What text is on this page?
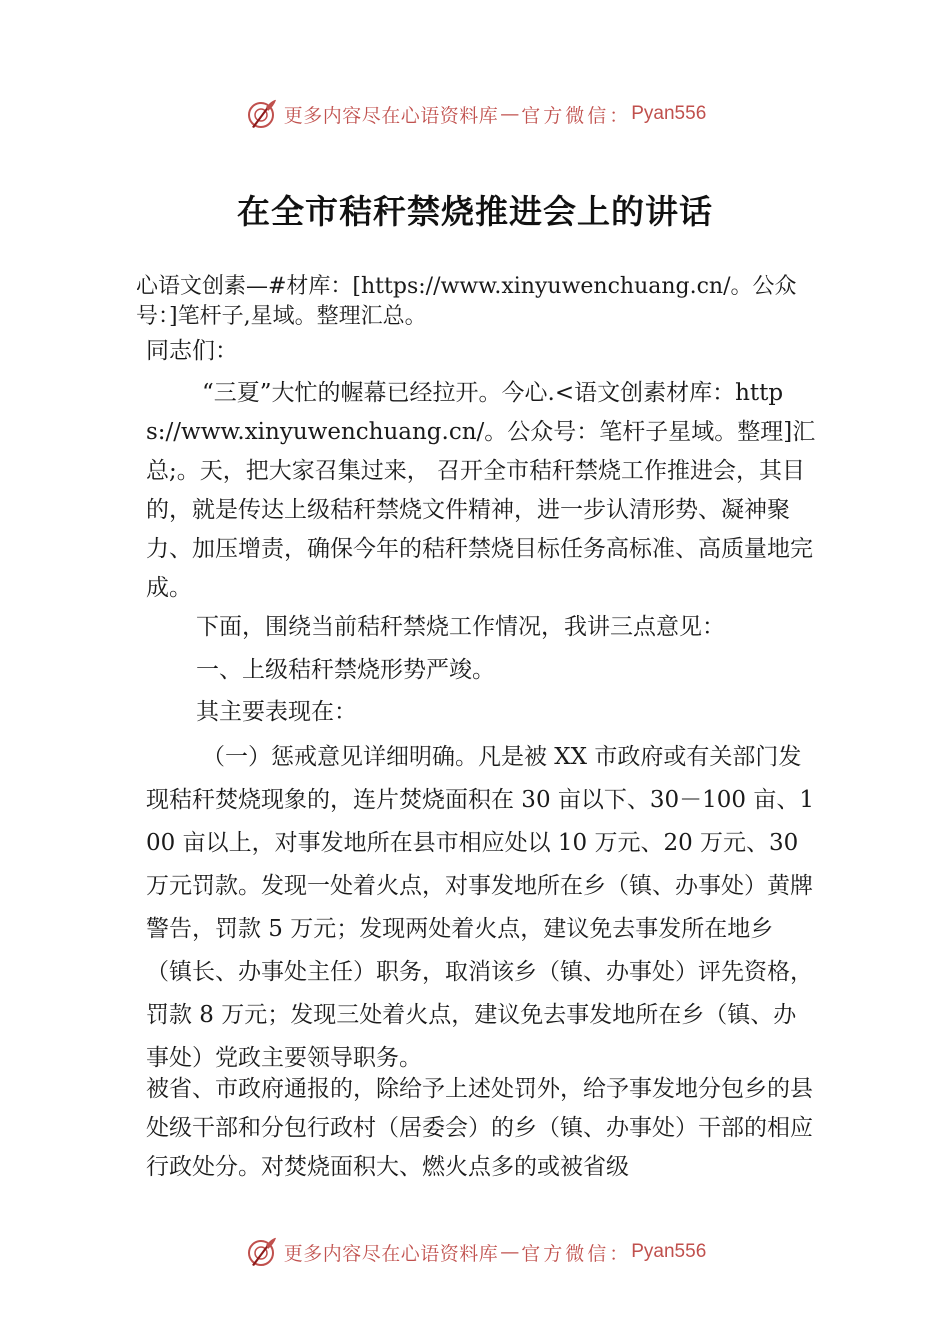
更多内容尽在心语资料库 — 官方微信： Pyan556
在全市秸秆禁烧推进会上的讲话
心语文创素—#材库：[https://www.xinyuwenchuang.cn/。公众号：]笔杆子,星域。整理汇总。

同志们：

“三夏”大忙的幄幕已经拉开。今心.<语文创素材库：https://www.xinyuwenchuang.cn/。公众号：笔杆子星域。整理]汇总;。天，把大家召集过来， 召开全市秸秆禁烧工作推进会，其目的，就是传达上级秸秆禁烧文件精神，进一步认清形势、凝神聚力、加压增责，确保今年的秸秆禁烧目标任务高标准、高质量地完成。

下面，围绕当前秸秆禁烧工作情况，我讲三点意见：

一、上级秸秆禁烧形势严竣。

其主要表现在：

（一）惩戒意见详细明确。凡是被 XX 市政府或有关部门发现秸秆焚烧现象的，连片焚烧面积在 30 亩以下、30－100 亩、100 亩以上，对事发地所在县市相应处以 10 万元、20 万元、30 万元罚款。发现一处着火点，对事发地所在乡（镇、办事处）黄牌警告，罚款 5 万元；发现两处着火点，建议免去事发所在地乡（镇长、办事处主任）职务，取消该乡（镇、办事处）评先资格，罚款 8 万元；发现三处着火点，建议免去事发地所在乡（镇、办事处）党政主要领导职务。

被省、市政府通报的，除给予上述处罚外，给予事发地分包乡的县处级干部和分包行政村（居委会）的乡（镇、办事处）干部的相应行政处分。对焚烧面积大、燃火点多的或被省级

更多内容尽在心语资料库 — 官方微信： Pyan556
